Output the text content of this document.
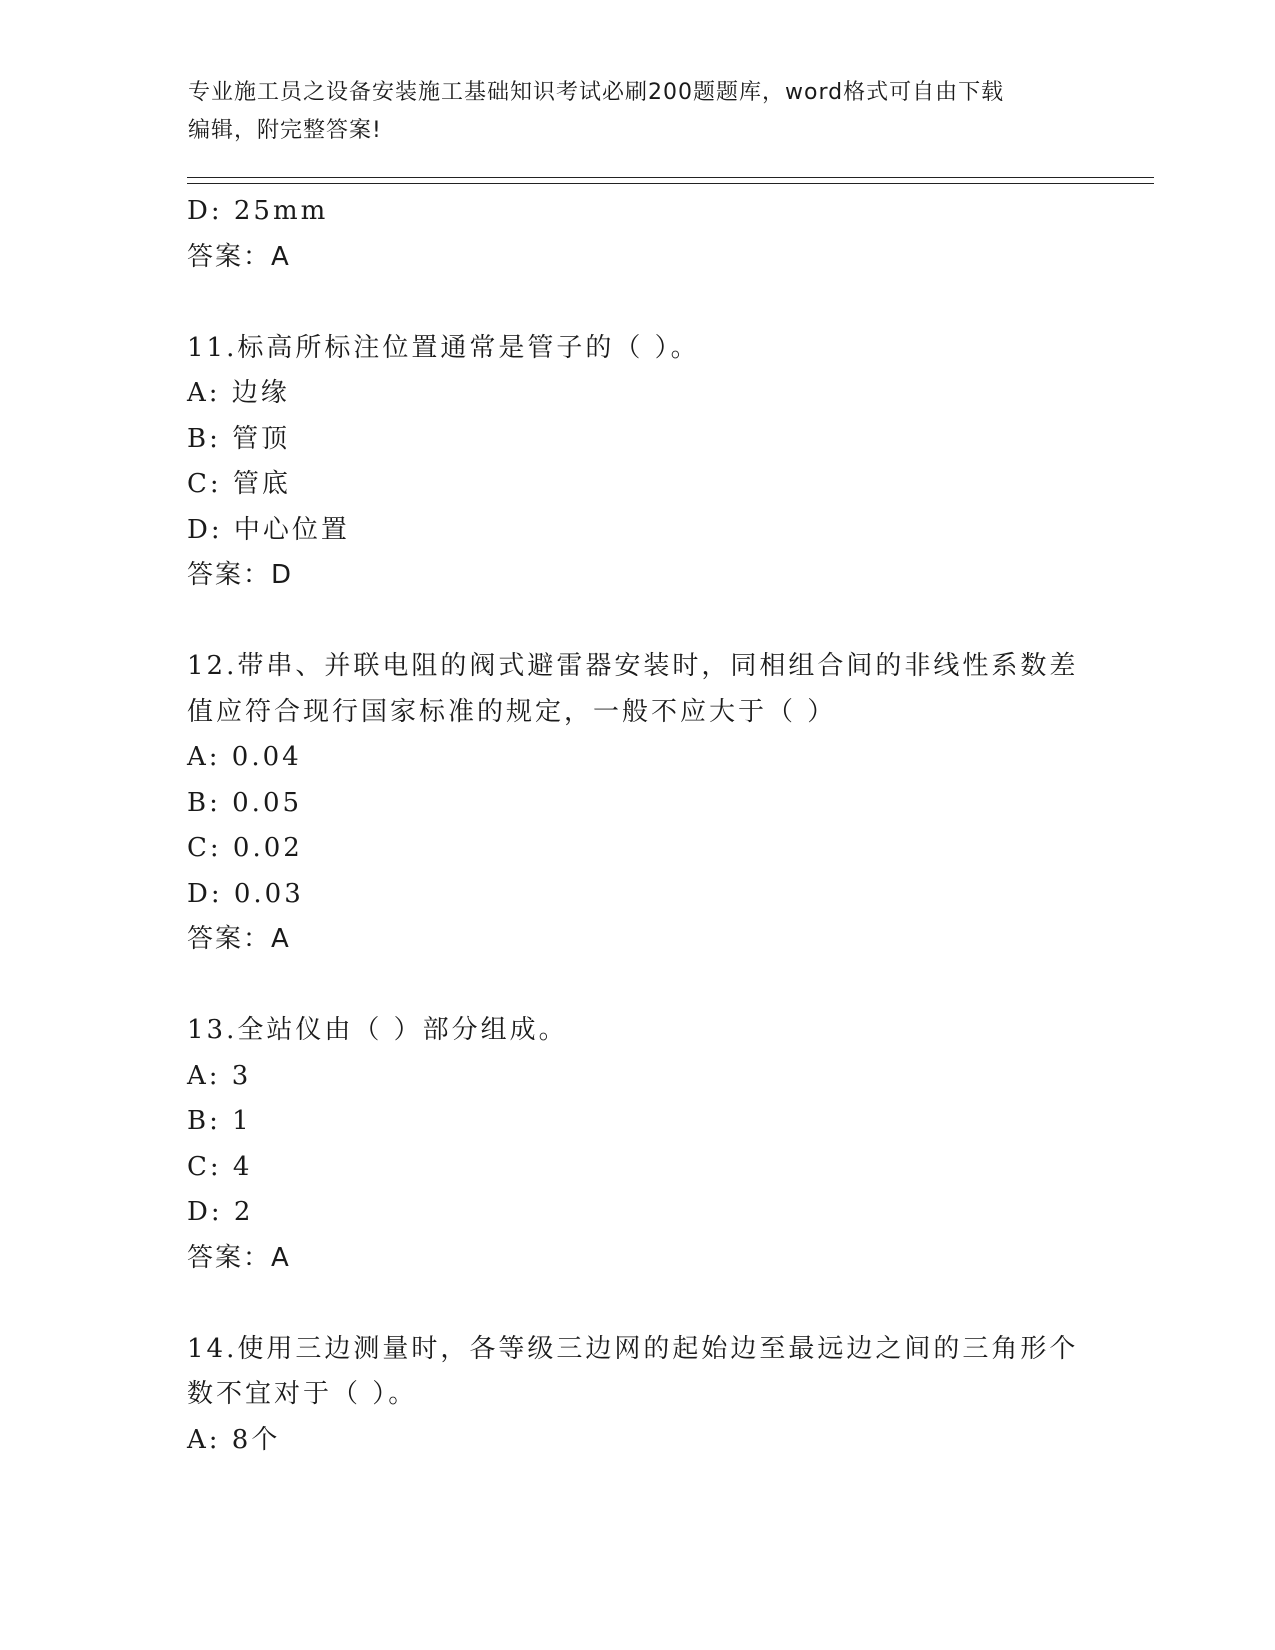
专业施工员之设备安装施工基础知识考试必刷200题题库，word格式可自由下载
编辑，附完整答案!
D: 25mm
答案：A
11.标高所标注位置通常是管子的（ ）。
A: 边缘
B: 管顶
C: 管底
D: 中心位置
答案：D
12.带串、并联电阻的阀式避雷器安装时，同相组合间的非线性系数差
值应符合现行国家标准的规定，一般不应大于（ ）
A: 0.04
B: 0.05
C: 0.02
D: 0.03
答案：A
13.全站仪由（ ）部分组成。
A: 3
B: 1
C: 4
D: 2
答案：A
14.使用三边测量时，各等级三边网的起始边至最远边之间的三角形个
数不宜对于（ ）。
A: 8个
